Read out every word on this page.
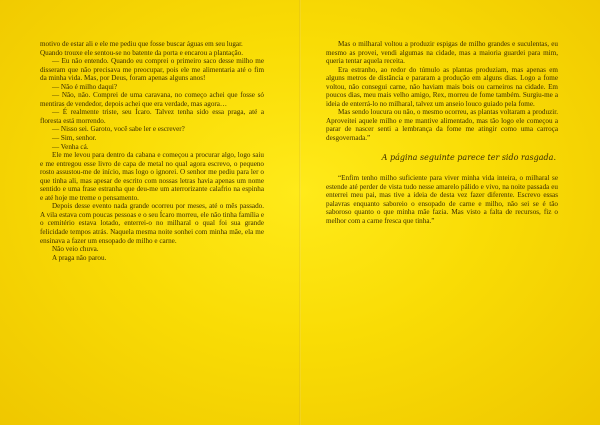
motivo de estar ali e ele me pediu que fosse buscar águas em seu lugar. Quando trouxe ele sentou-se no batente da porta e encarou a plantação.

— Eu não entendo. Quando eu comprei o primeiro saco desse milho me disseram que não precisava me preocupar, pois ele me alimentaria até o fim da minha vida. Mas, por Deus, foram apenas alguns anos!

— Não é milho daqui?

— Não, não. Comprei de uma caravana, no começo achei que fosse só mentiras de vendedor, depois achei que era verdade, mas agora…

— É realmente triste, seu Ícaro. Talvez tenha sido essa praga, até a floresta está morrendo.

— Nisso sei. Garoto, você sabe ler e escrever?

— Sim, senhor.

— Venha cá.

Ele me levou para dentro da cabana e começou a procurar algo, logo saiu e me entregou esse livro de capa de metal no qual agora escrevo, o pequeno rosto assustou-me de início, mas logo o ignorei. O senhor me pediu para ler o que tinha ali, mas apesar de escrito com nossas letras havia apenas um nome sentido e uma frase estranha que deu-me um aterrorizante calafrio na espinha e até hoje me treme o pensamento.

Depois desse evento nada grande ocorreu por meses, até o mês passado. A vila estava com poucas pessoas e o seu Ícaro morreu, ele não tinha família e o cemitério estava lotado, enterrei-o no milharal o qual foi sua grande felicidade tempos atrás. Naquela mesma noite sonhei com minha mãe, ela me ensinava a fazer um ensopado de milho e carne.

Não veio chuva.

A praga não parou.

Mas o milharal voltou a produzir espigas de milho grandes e suculentas, eu mesmo as provei, vendi algumas na cidade, mas a maioria guardei para mim, queria tentar aquela receita.

Era estranho, ao redor do túmulo as plantas produziam, mas apenas em alguns metros de distância e pararam a produção em alguns dias. Logo a fome voltou, não consegui carne, não haviam mais bois ou carneiros na cidade. Em poucos dias, meu mais velho amigo, Rex, morreu de fome também. Surgiu-me a ideia de enterrá-lo no milharal, talvez um anseio louco guiado pela fome.

Mas sendo loucura ou não, o mesmo ocorreu, as plantas voltaram a produzir. Aproveitei aquele milho e me mantive alimentado, mas tão logo ele começou a parar de nascer senti a lembrança da fome me atingir como uma carroça desgovernada.”

A página seguinte parece ter sido rasgada.

“Enfim tenho milho suficiente para viver minha vida inteira, o milharal se estende até perder de vista tudo nesse amarelo pálido e vivo, na noite passada eu enterrei meu pai, mas tive a ideia de desta vez fazer diferente. Escrevo essas palavras enquanto saboreio o ensopado de carne e milho, não sei se é tão saboroso quanto o que minha mãe fazia. Mas visto a falta de recursos, fiz o melhor com a carne fresca que tinha.”
